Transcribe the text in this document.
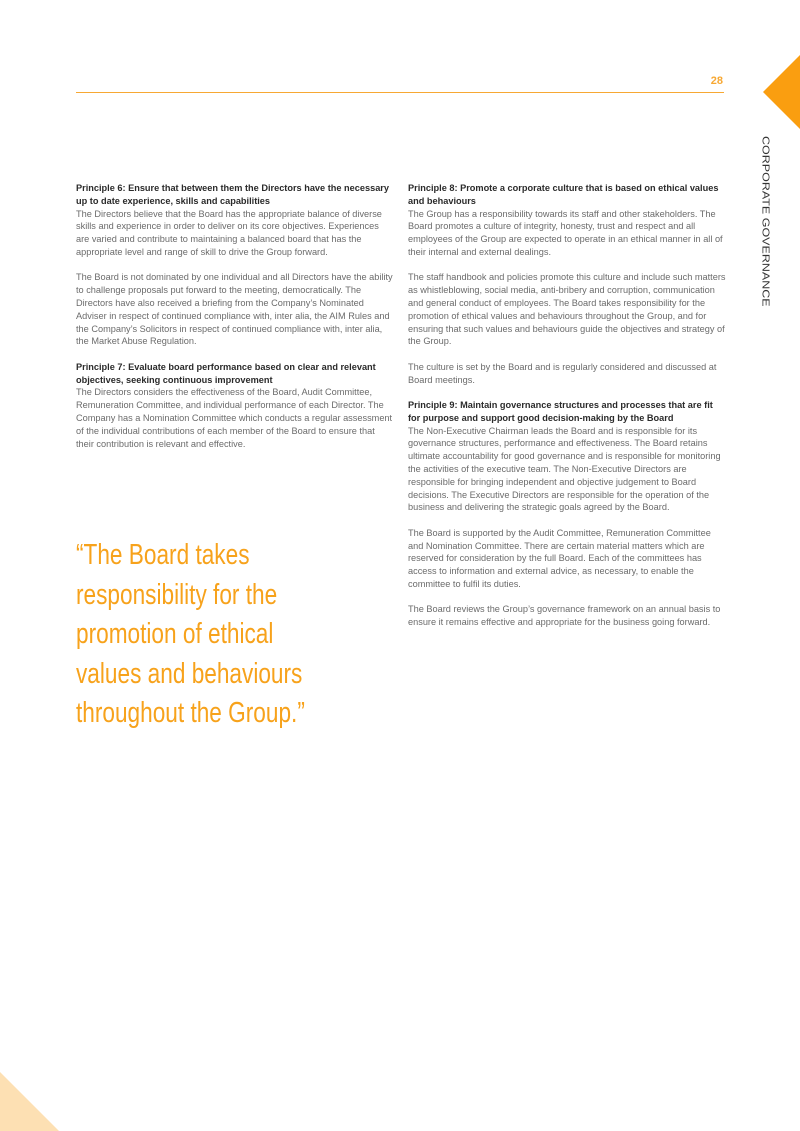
28
CORPORATE GOVERNANCE

Principle 6: Ensure that between them the Directors have the necessary up to date experience, skills and capabilities

The Directors believe that the Board has the appropriate balance of diverse skills and experience in order to deliver on its core objectives. Experiences are varied and contribute to maintaining a balanced board that has the appropriate level and range of skill to drive the Group forward.

The Board is not dominated by one individual and all Directors have the ability to challenge proposals put forward to the meeting, democratically. The Directors have also received a briefing from the Company’s Nominated Adviser in respect of continued compliance with, inter alia, the AIM Rules and the Company’s Solicitors in respect of continued compliance with, inter alia, the Market Abuse Regulation.

Principle 7: Evaluate board performance based on clear and relevant objectives, seeking continuous improvement

The Directors considers the effectiveness of the Board, Audit Committee, Remuneration Committee, and individual performance of each Director. The Company has a Nomination Committee which conducts a regular assessment of the individual contributions of each member of the Board to ensure that their contribution is relevant and effective.

“The Board takes
responsibility for the
promotion of ethical
values and behaviours
throughout the Group.”

Principle 8: Promote a corporate culture that is based on ethical values and behaviours

The Group has a responsibility towards its staff and other stakeholders. The Board promotes a culture of integrity, honesty, trust and respect and all employees of the Group are expected to operate in an ethical manner in all of their internal and external dealings.

The staff handbook and policies promote this culture and include such matters as whistleblowing, social media, anti-bribery and corruption, communication and general conduct of employees. The Board takes responsibility for the promotion of ethical values and behaviours throughout the Group, and for ensuring that such values and behaviours guide the objectives and strategy of the Group.

The culture is set by the Board and is regularly considered and discussed at Board meetings.

Principle 9: Maintain governance structures and processes that are fit for purpose and support good decision-making by the Board

The Non-Executive Chairman leads the Board and is responsible for its governance structures, performance and effectiveness. The Board retains ultimate accountability for good governance and is responsible for monitoring the activities of the executive team. The Non-Executive Directors are responsible for bringing independent and objective judgement to Board decisions. The Executive Directors are responsible for the operation of the business and delivering the strategic goals agreed by the Board.

The Board is supported by the Audit Committee, Remuneration Committee and Nomination Committee. There are certain material matters which are reserved for consideration by the full Board. Each of the committees has access to information and external advice, as necessary, to enable the committee to fulfil its duties.

The Board reviews the Group’s governance framework on an annual basis to ensure it remains effective and appropriate for the business going forward.
